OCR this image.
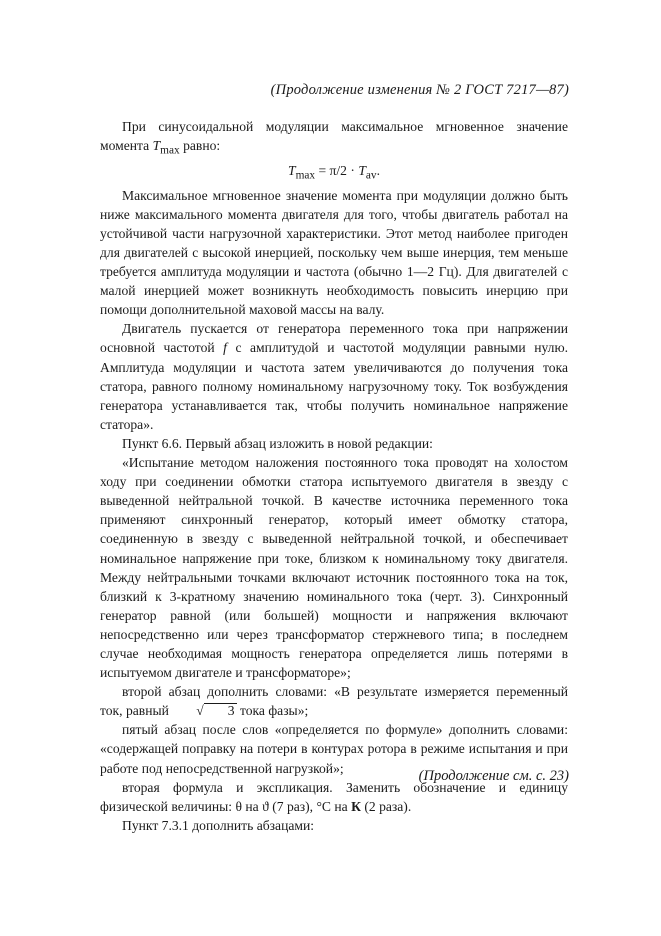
(Продолжение изменения № 2 ГОСТ 7217—87)

При синусоидальной модуляции максимальное мгновенное значение момента $T_{max}$ равно:

$T_{max} = \pi/2 \cdot T_{av}$.

Максимальное мгновенное значение момента при модуляции должно быть ниже максимального момента двигателя для того, чтобы двигатель работал на устойчивой части нагрузочной характеристики. Этот метод наиболее пригоден для двигателей с высокой инерцией, поскольку чем выше инерция, тем меньше требуется амплитуда модуляции и частота (обычно 1—2 Гц). Для двигателей с малой инерцией может возникнуть необходимость повысить инерцию при помощи дополнительной маховой массы на валу.

Двигатель пускается от генератора переменного тока при напряжении основной частотой f с амплитудой и частотой модуляции равными нулю. Амплитуда модуляции и частота затем увеличиваются до получения тока статора, равного полному номинальному нагрузочному току. Ток возбуждения генератора устанавливается так, чтобы получить номинальное напряжение статора».

Пункт 6.6. Первый абзац изложить в новой редакции:

«Испытание методом наложения постоянного тока проводят на холостом ходу при соединении обмотки статора испытуемого двигателя в звезду с выведенной нейтральной точкой. В качестве источника переменного тока применяют синхронный генератор, который имеет обмотку статора, соединенную в звезду с выведенной нейтральной точкой, и обеспечивает номинальное напряжение при токе, близком к номинальному току двигателя. Между нейтральными точками включают источник постоянного тока на ток, близкий к 3-кратному значению номинального тока (черт. 3). Синхронный генератор равной (или большей) мощности и напряжения включают непосредственно или через трансформатор стержневого типа; в последнем случае необходимая мощность генератора определяется лишь потерями в испытуемом двигателе и трансформаторе»;

второй абзац дополнить словами: «В результате измеряется переменный ток, равный √ 3 тока фазы»;

пятый абзац после слов «определяется по формуле» дополнить словами: «содержащей поправку на потери в контурах ротора в режиме испытания и при работе под непосредственной нагрузкой»;

вторая формула и экспликация. Заменить обозначение и единицу физической величины: θ на ϑ (7 раз), °С на К (2 раза).

Пункт 7.3.1 дополнить абзацами:

(Продолжение см. с. 23)
